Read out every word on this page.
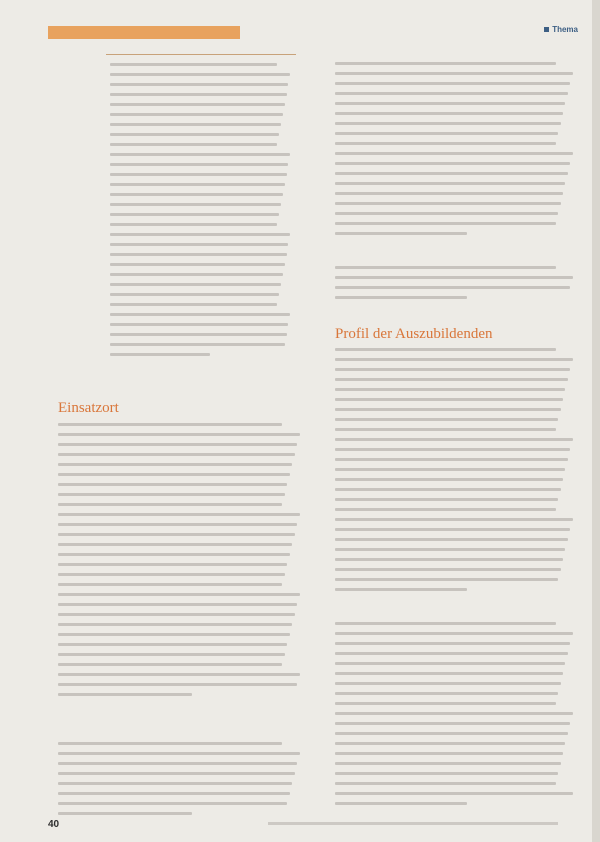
Thema
Einsatzort
Profil der Auszubildenden
40
